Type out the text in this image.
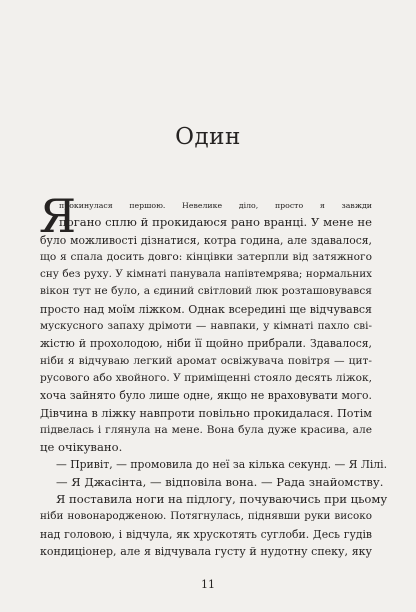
Один
Я
прокинулася першою. Невелике діло, просто я завжди
погано сплю й прокидаюся рано вранці. У мене не
було можливості дізнатися, котра година, але здавалося,
що я спала досить довго: кінцівки затерпли від затяжного
сну без руху. У кімнаті панувала напівтемрява; нормальних
вікон тут не було, а єдиний світловий люк розташовувався
просто над моїм ліжком. Однак всередині ще відчувався
мускусного запаху дрімоти — навпаки, у кімнаті пахло сві-
жістю й прохолодою, ніби її щойно прибрали. Здавалося,
ніби я відчуваю легкий аромат освіжувача повітря — цит-
русового або хвойного. У приміщенні стояло десять ліжок,
хоча зайнято було лише одне, якщо не враховувати мого.
Дівчина в ліжку навпроти повільно прокидалася. Потім
підвелась і глянула на мене. Вона була дуже красива, але
це очікувано.
— Привіт, — промовила до неї за кілька секунд. — Я Лілі.
— Я Джасінта, — відповіла вона. — Рада знайомству.
Я поставила ноги на підлогу, почуваючись при цьому
ніби новонародженою. Потягнулась, піднявши руки високо
над головою, і відчула, як хрускотять суглоби. Десь гудів
кондиціонер, але я відчувала густу й нудотну спеку, яку
11
